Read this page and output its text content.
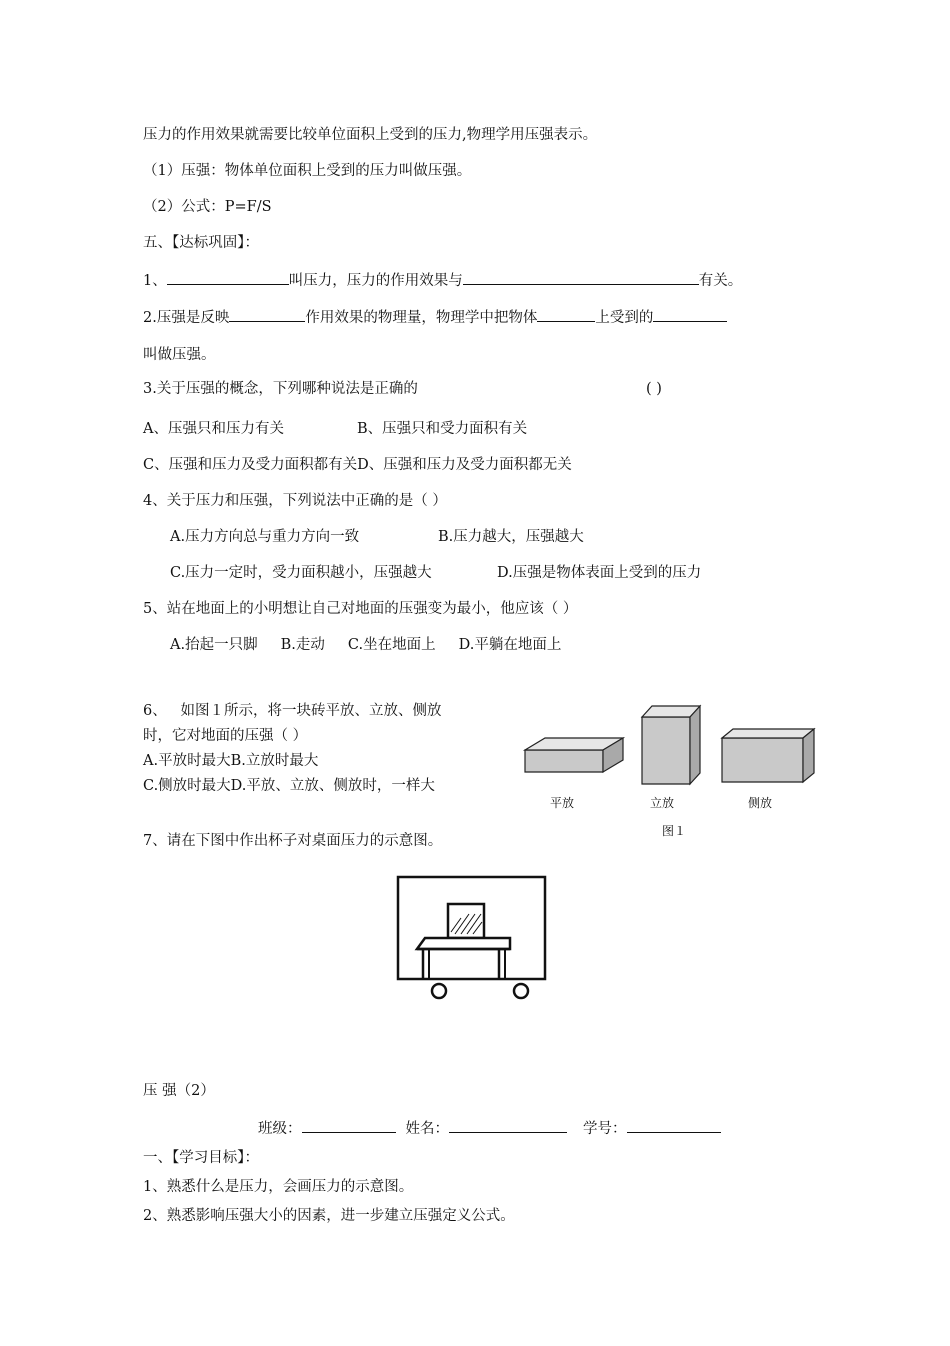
压力的作用效果就需要比较单位面积上受到的压力,物理学用压强表示。
（1）压强：物体单位面积上受到的压力叫做压强。
（2）公式：P=F/S
五、【达标巩固】：
1、	叫压力，压力的作用效果与	有关。
2.压强是反映	作用效果的物理量，物理学中把物体	上受到的
叫做压强。
3.关于压强的概念，下列哪种说法是正确的	( )
A、压强只和压力有关	B、压强只和受力面积有关
C、压强和压力及受力面积都有关D、压强和压力及受力面积都无关
4、关于压力和压强，下列说法中正确的是（ ）
A.压力方向总与重力方向一致	B.压力越大，压强越大
C.压力一定时，受力面积越小，压强越大	D.压强是物体表面上受到的压力
5、站在地面上的小明想让自己对地面的压强变为最小，他应该（ ）
A.抬起一只脚     B.走动     C.坐在地面上     D.平躺在地面上
6、   如图１所示，将一块砖平放、立放、侧放
时，它对地面的压强（ ）
A.平放时最大B.立放时最大
C.侧放时最大D.平放、立放、侧放时，一样大
平放	立放	侧放
图１
7、请在下图中作出杯子对桌面压力的示意图。
压 强（2）
班级：	姓名：	学号：
一、【学习目标】：
1、熟悉什么是压力，会画压力的示意图。
2、熟悉影响压强大小的因素，进一步建立压强定义公式。
